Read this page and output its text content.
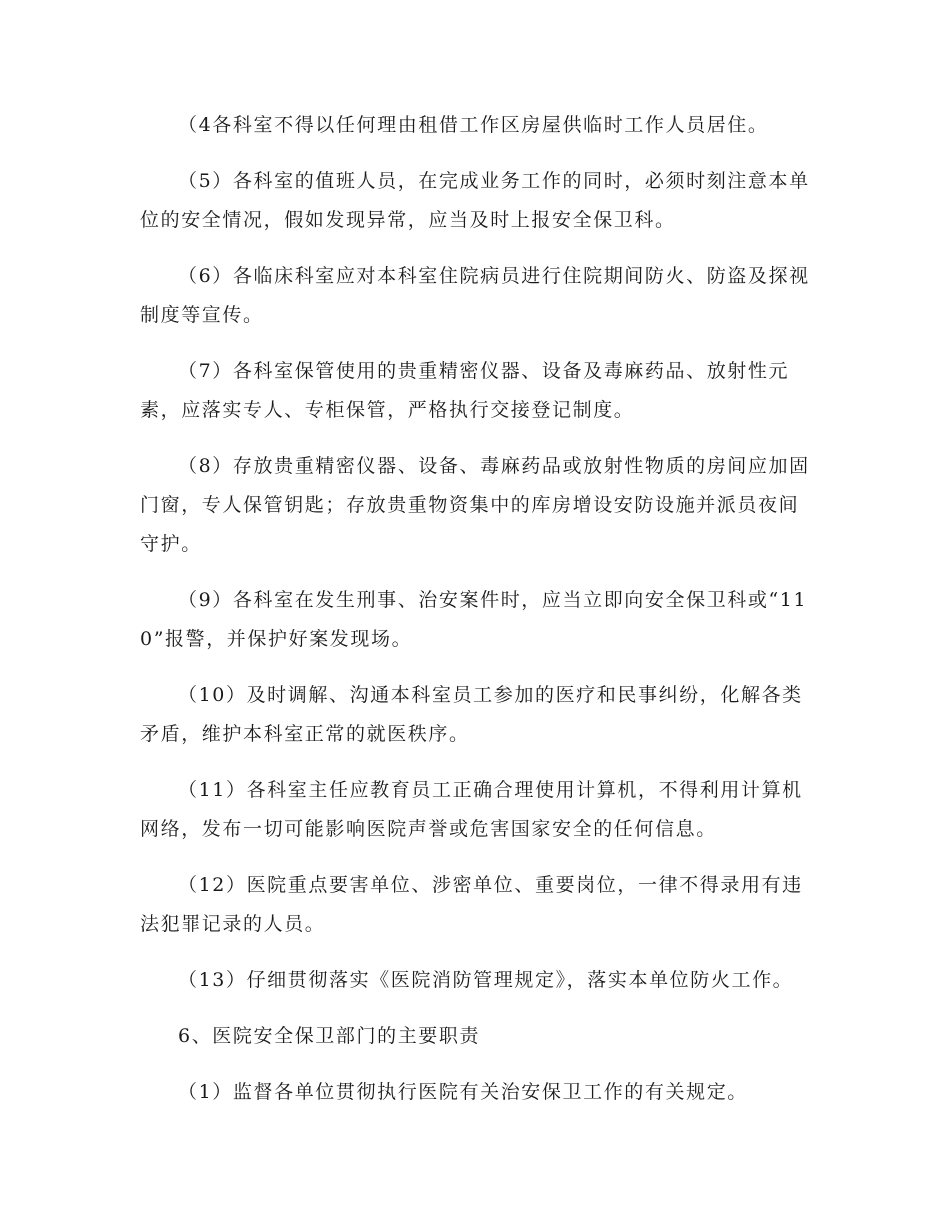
（4各科室不得以任何理由租借工作区房屋供临时工作人员居住。

（5）各科室的值班人员，在完成业务工作的同时，必须时刻注意本单位的安全情况，假如发现异常，应当及时上报安全保卫科。

（6）各临床科室应对本科室住院病员进行住院期间防火、防盗及探视制度等宣传。

（7）各科室保管使用的贵重精密仪器、设备及毒麻药品、放射性元素，应落实专人、专柜保管，严格执行交接登记制度。

（8）存放贵重精密仪器、设备、毒麻药品或放射性物质的房间应加固门窗，专人保管钥匙；存放贵重物资集中的库房增设安防设施并派员夜间守护。

（9）各科室在发生刑事、治安案件时，应当立即向安全保卫科或“110”报警，并保护好案发现场。

（10）及时调解、沟通本科室员工参加的医疗和民事纠纷，化解各类矛盾，维护本科室正常的就医秩序。

（11）各科室主任应教育员工正确合理使用计算机，不得利用计算机网络，发布一切可能影响医院声誉或危害国家安全的任何信息。

（12）医院重点要害单位、涉密单位、重要岗位，一律不得录用有违法犯罪记录的人员。

（13）仔细贯彻落实《医院消防管理规定》，落实本单位防火工作。

6、医院安全保卫部门的主要职责

（1）监督各单位贯彻执行医院有关治安保卫工作的有关规定。
